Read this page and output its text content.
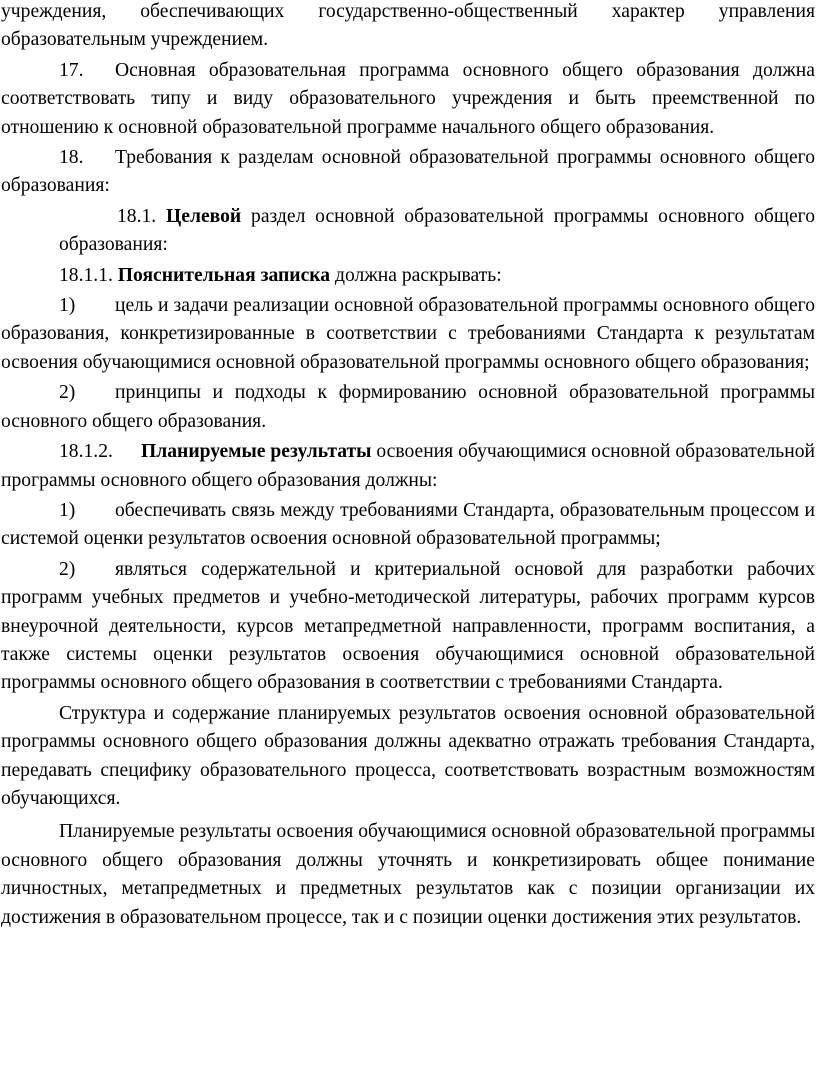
учреждения, обеспечивающих государственно-общественный характер управления образовательным учреждением.

17. Основная образовательная программа основного общего образования должна соответствовать типу и виду образовательного учреждения и быть преемственной по отношению к основной образовательной программе начального общего образования.

18. Требования к разделам основной образовательной программы основного общего образования:

18.1. Целевой раздел основной образовательной программы основного общего образования:

18.1.1. Пояснительная записка должна раскрывать:

1) цель и задачи реализации основной образовательной программы основного общего образования, конкретизированные в соответствии с требованиями Стандарта к результатам освоения обучающимися основной образовательной программы основного общего образования;

2) принципы и подходы к формированию основной образовательной программы основного общего образования.

18.1.2. Планируемые результаты освоения обучающимися основной образовательной программы основного общего образования должны:

1) обеспечивать связь между требованиями Стандарта, образовательным процессом и системой оценки результатов освоения основной образовательной программы;

2) являться содержательной и критериальной основой для разработки рабочих программ учебных предметов и учебно-методической литературы, рабочих программ курсов внеурочной деятельности, курсов метапредметной направленности, программ воспитания, а также системы оценки результатов освоения обучающимися основной образовательной программы основного общего образования в соответствии с требованиями Стандарта.

Структура и содержание планируемых результатов освоения основной образовательной программы основного общего образования должны адекватно отражать требования Стандарта, передавать специфику образовательного процесса, соответствовать возрастным возможностям обучающихся.

Планируемые результаты освоения обучающимися основной образовательной программы основного общего образования должны уточнять и конкретизировать общее понимание личностных, метапредметных и предметных результатов как с позиции организации их достижения в образовательном процессе, так и с позиции оценки достижения этих результатов.
